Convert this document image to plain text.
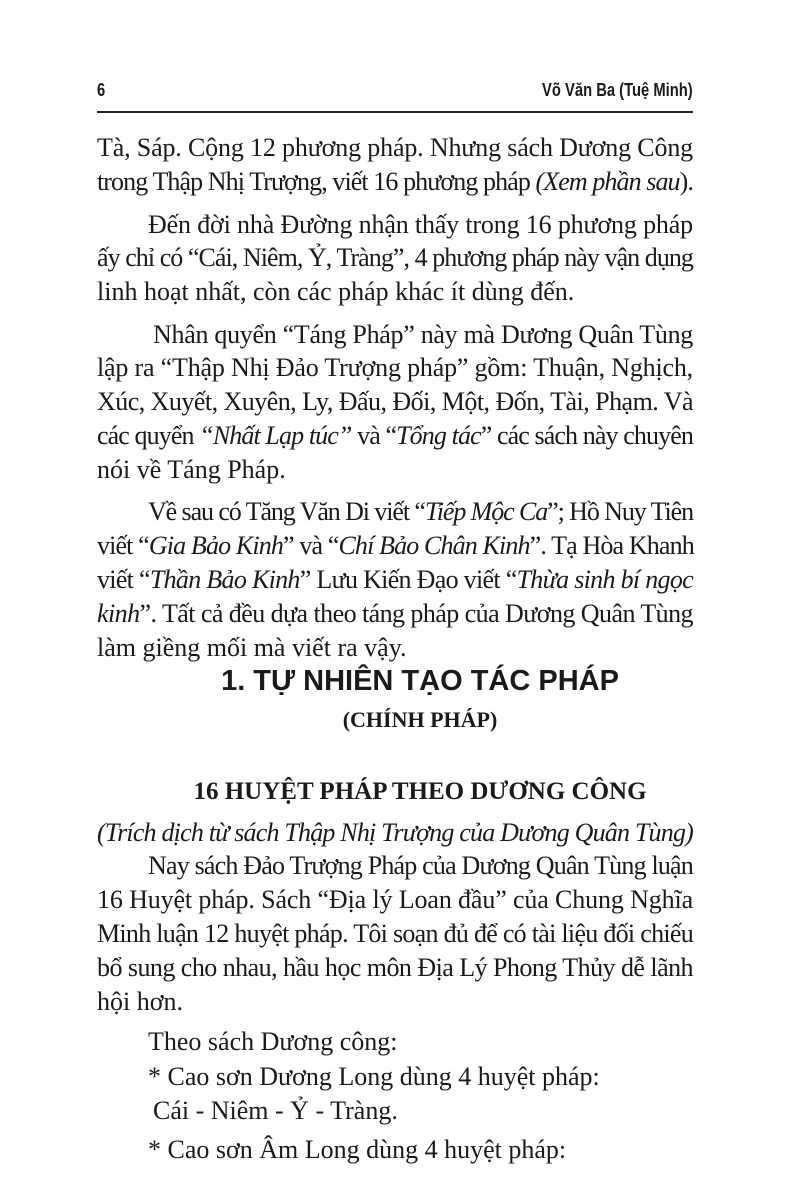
6	Võ Văn Ba (Tuệ Minh)
1. TỰ NHIÊN TẠO TÁC PHÁP
(CHÍNH PHÁP)
16 HUYỆT PHÁP THEO DƯƠNG CÔNG
Tà, Sáp. Cộng 12 phương pháp. Nhưng sách Dương Công
trong Thập Nhị Trượng, viết 16 phương pháp (Xem phần sau).
Đến đời nhà Đường nhận thấy trong 16 phương pháp
ấy chỉ có “Cái, Niêm, Ỷ, Tràng”, 4 phương pháp này vận dụng
linh hoạt nhất, còn các pháp khác ít dùng đến.
Nhân quyển “Táng Pháp” này mà Dương Quân Tùng
lập ra “Thập Nhị Đảo Trượng pháp” gồm: Thuận, Nghịch,
Xúc, Xuyết, Xuyên, Ly, Đấu, Đối, Một, Đốn, Tài, Phạm. Và
các quyển “Nhất Lạp túc” và “Tổng tác” các sách này chuyên
nói về Táng Pháp.
Về sau có Tăng Văn Di viết “Tiếp Mộc Ca”; Hồ Nuy Tiên
viết “Gia Bảo Kinh” và “Chí Bảo Chân Kinh”. Tạ Hòa Khanh
viết “Thần Bảo Kinh” Lưu Kiến Đạo viết “Thừa sinh bí ngọc
kinh”. Tất cả đều dựa theo táng pháp của Dương Quân Tùng
làm giềng mối mà viết ra vậy.
(Trích dịch từ sách Thập Nhị Trượng của Dương Quân Tùng)
Nay sách Đảo Trượng Pháp của Dương Quân Tùng luận
16 Huyệt pháp. Sách “Địa lý Loan đầu” của Chung Nghĩa
Minh luận 12 huyệt pháp. Tôi soạn đủ để có tài liệu đối chiếu
bổ sung cho nhau, hầu học môn Địa Lý Phong Thủy dễ lãnh
hội hơn.
Theo sách Dương công:
* Cao sơn Dương Long dùng 4 huyệt pháp:
Cái - Niêm - Ỷ - Tràng.
* Cao sơn Âm Long dùng 4 huyệt pháp:
